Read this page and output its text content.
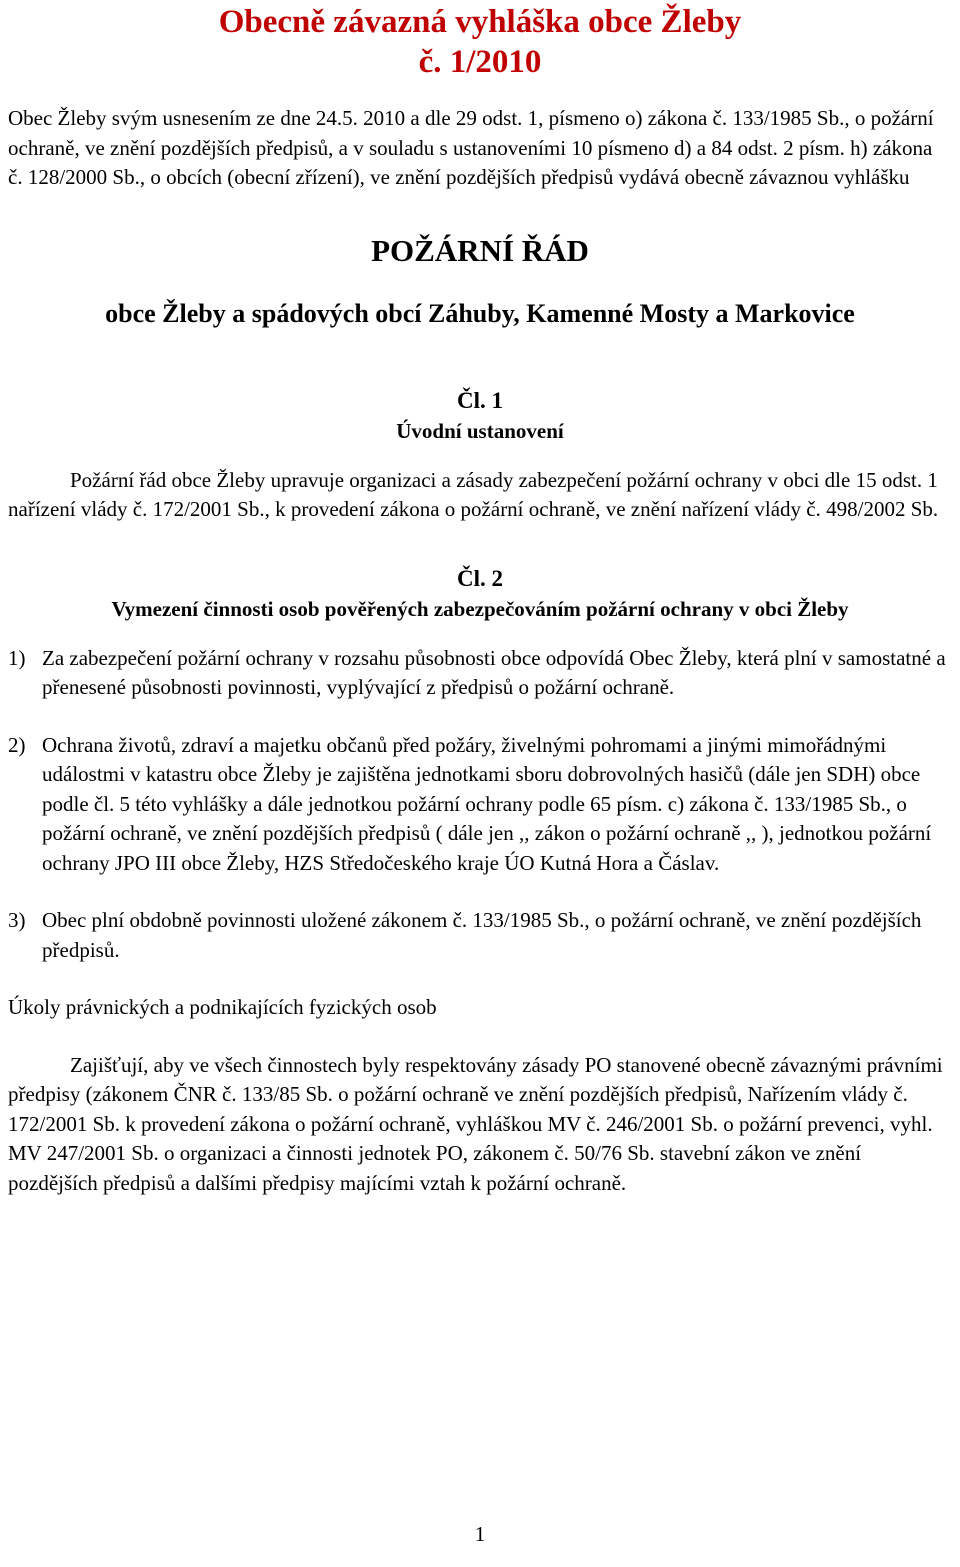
Obecně závazná vyhláška obce Žleby
č. 1/2010

Obec Žleby svým usnesením ze dne 24.5. 2010 a dle 29 odst. 1, písmeno o) zákona č. 133/1985 Sb., o požární ochraně, ve znění pozdějších předpisů, a v souladu s ustanoveními 10 písmeno d) a 84 odst. 2 písm. h) zákona č. 128/2000 Sb., o obcích (obecní zřízení), ve znění pozdějších předpisů vydává obecně závaznou vyhlášku

POŽÁRNÍ ŘÁD
obce Žleby a spádových obcí Záhuby, Kamenné Mosty a Markovice
Čl. 1
Úvodní ustanovení

Požární řád obce Žleby upravuje organizaci a zásady zabezpečení požární ochrany v obci dle 15 odst. 1 nařízení vlády č. 172/2001 Sb., k provedení zákona o požární ochraně, ve znění nařízení vlády č. 498/2002 Sb.

Čl. 2
Vymezení činnosti osob pověřených zabezpečováním požární ochrany v obci Žleby
1) Za zabezpečení požární ochrany v rozsahu působnosti obce odpovídá Obec Žleby, která plní v samostatné a přenesené působnosti povinnosti, vyplývající z předpisů o požární ochraně.
2) Ochrana životů, zdraví a majetku občanů před požáry, živelnými pohromami a jinými mimořádnými událostmi v katastru obce Žleby je zajištěna jednotkami sboru dobrovolných hasičů (dále jen SDH) obce podle čl. 5 této vyhlášky a dále jednotkou požární ochrany podle 65 písm. c) zákona č. 133/1985 Sb., o požární ochraně, ve znění pozdějších předpisů ( dále jen ,, zákon o požární ochraně ,, ), jednotkou požární ochrany JPO III obce Žleby, HZS Středočeského kraje ÚO Kutná Hora a Čáslav.
3) Obec plní obdobně povinnosti uložené zákonem č. 133/1985 Sb., o požární ochraně, ve znění pozdějších předpisů.

Úkoly právnických a podnikajících fyzických osob

Zajišťují, aby ve všech činnostech byly respektovány zásady PO stanovené obecně závaznými právními předpisy (zákonem ČNR č. 133/85 Sb. o požární ochraně ve znění pozdějších předpisů, Nařízením vlády č. 172/2001 Sb. k provedení zákona o požární ochraně, vyhláškou MV č. 246/2001 Sb. o požární prevenci, vyhl. MV 247/2001 Sb. o organizaci a činnosti jednotek PO, zákonem č. 50/76 Sb. stavební zákon ve znění pozdějších předpisů a dalšími předpisy majícími vztah k požární ochraně.

1
